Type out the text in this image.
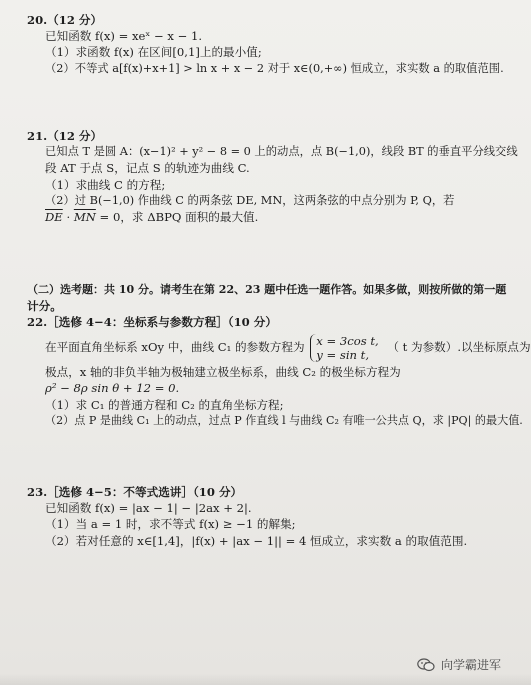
20.（12 分）
已知函数 f(x) = xeˣ − x − 1.
（1）求函数 f(x) 在区间[0,1]上的最小值;
（2）不等式 a[f(x)+x+1] > ln x + x − 2 对于 x∈(0,+∞) 恒成立，求实数 a 的取值范围.
21.（12 分）
已知点 T 是圆 A：(x−1)² + y² − 8 = 0 上的动点，点 B(−1,0)，线段 BT 的垂直平分线交线
段 AT 于点 S，记点 S 的轨迹为曲线 C.
（1）求曲线 C 的方程;
（2）过 B(−1,0) 作曲线 C 的两条弦 DE, MN，这两条弦的中点分别为 P, Q，若
$\overline{DE} \cdot \overline{MN} = 0$，求 ΔBPQ 面积的最大值.
（二）选考题：共 10 分。请考生在第 22、23 题中任选一题作答。如果多做，则按所做的第一题
计分。
22.［选修 4−4：坐标系与参数方程］（10 分）
在平面直角坐标系 xOy 中，曲线 C₁ 的参数方程为 x = 3cos t,
y = sin t,
（ t 为参数）.以坐标原点为
极点，x 轴的非负半轴为极轴建立极坐标系，曲线 C₂ 的极坐标方程为
ρ² − 8ρ sin θ + 12 = 0.
（1）求 C₁ 的普通方程和 C₂ 的直角坐标方程;
（2）点 P 是曲线 C₁ 上的动点，过点 P 作直线 l 与曲线 C₂ 有唯一公共点 Q，求 |PQ| 的最大值.
23.［选修 4−5：不等式选讲］（10 分）
已知函数 f(x) = |ax − 1| − |2ax + 2|.
（1）当 a = 1 时，求不等式 f(x) ≥ −1 的解集;
（2）若对任意的 x∈[1,4]，|f(x) + |ax − 1|| = 4 恒成立，求实数 a 的取值范围.
向学霸进军
